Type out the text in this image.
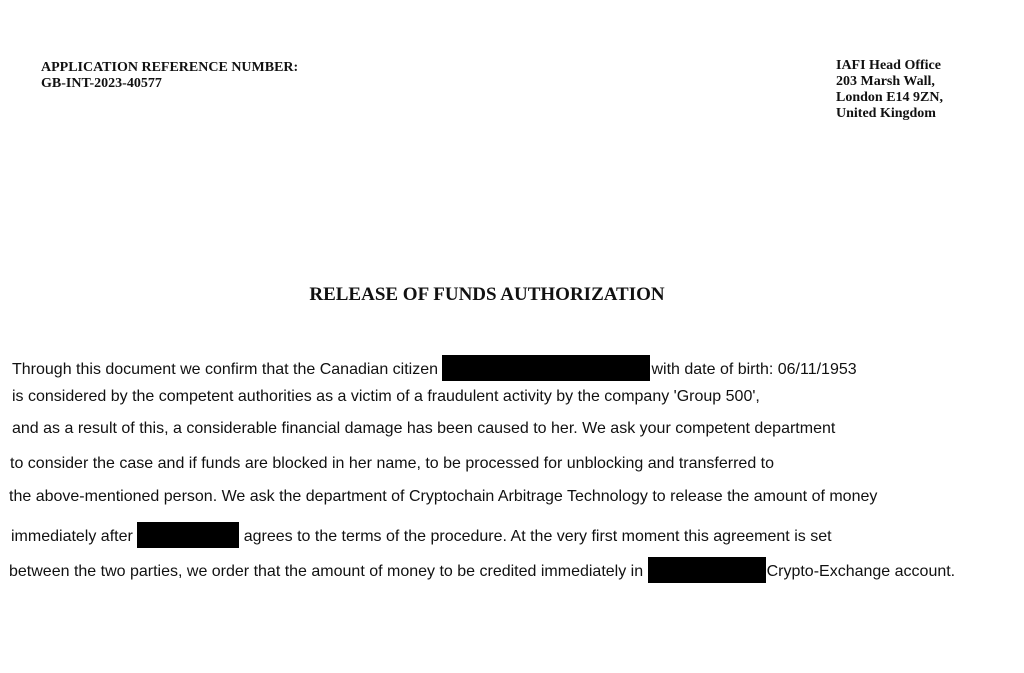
APPLICATION REFERENCE NUMBER:
GB-INT-2023-40577
IAFI Head Office
203 Marsh Wall,
London E14 9ZN,
United Kingdom
RELEASE OF FUNDS AUTHORIZATION
Through this document we confirm that the Canadian citizen	with date of birth: 06/11/1953
is considered by the competent authorities as a victim of a fraudulent activity by the company 'Group 500',
and as a result of this, a considerable financial damage has been caused to her. We ask your competent department
to consider the case and if funds are blocked in her name, to be processed for unblocking and transferred to
the above-mentioned person. We ask the department of Cryptochain Arbitrage Technology to release the amount of money
immediately after	agrees to the terms of the procedure. At the very first moment this agreement is set
between the two parties, we order that the amount of money to be credited immediately in	Crypto-Exchange account.
